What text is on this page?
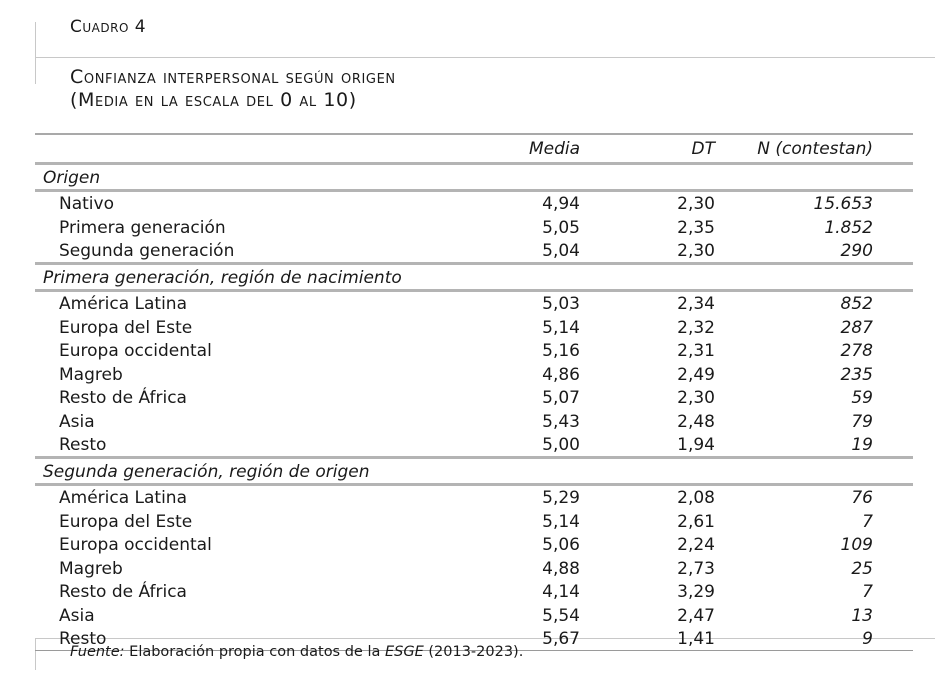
Cuadro 4
Confianza interpersonal según origen
(Media en la escala del 0 al 10)
	Media		DT		N (contestan)	
Origen						
Nativo	4,94		2,30		15.653	
Primera generación	5,05		2,35		1.852	
Segunda generación	5,04		2,30		290	
Primera generación, región de nacimiento						
América Latina	5,03		2,34		852	
Europa del Este	5,14		2,32		287	
Europa occidental	5,16		2,31		278	
Magreb	4,86		2,49		235	
Resto de África	5,07		2,30		59	
Asia	5,43		2,48		79	
Resto	5,00		1,94		19	
Segunda generación, región de origen						
América Latina	5,29		2,08		76	
Europa del Este	5,14		2,61		7	
Europa occidental	5,06		2,24		109	
Magreb	4,88		2,73		25	
Resto de África	4,14		3,29		7	
Asia	5,54		2,47		13	
Resto	5,67		1,41		9	
Fuente: Elaboración propia con datos de la ESGE (2013-2023).
